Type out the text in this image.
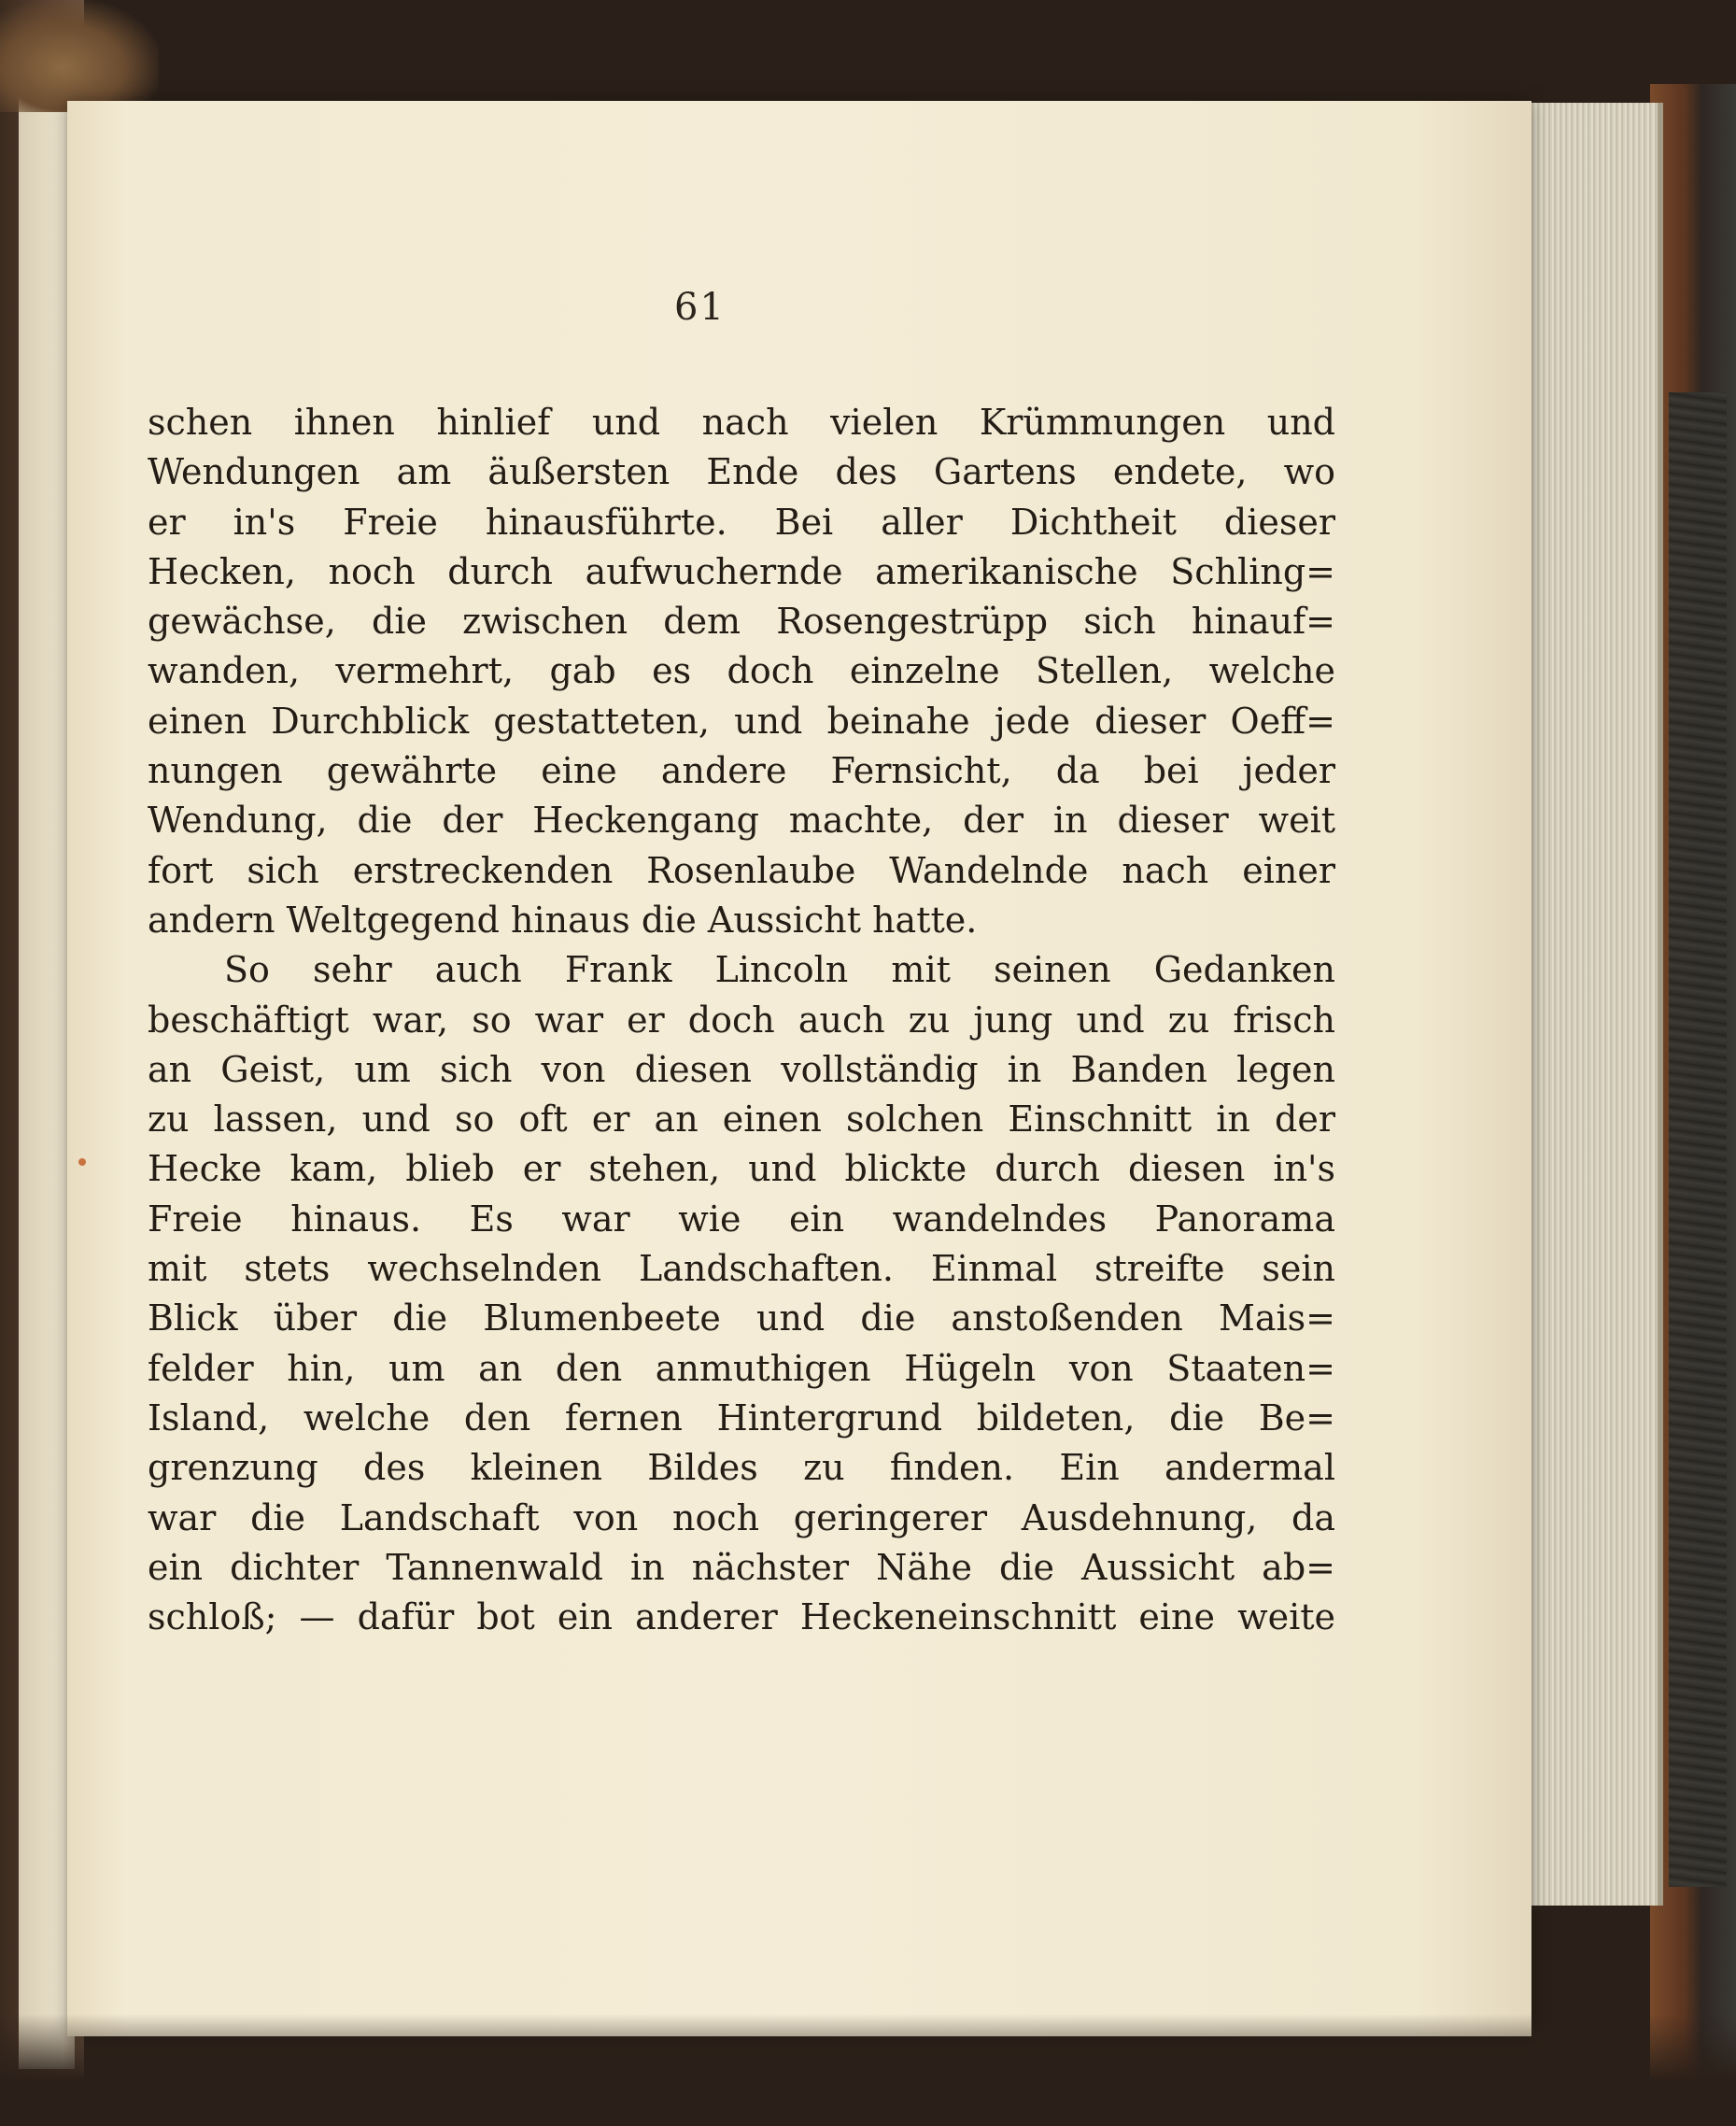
61
schen ihnen hinlief und nach vielen Krümmungen und
Wendungen am äußersten Ende des Gartens endete, wo
er in's Freie hinausführte. Bei aller Dichtheit dieser
Hecken, noch durch aufwuchernde amerikanische Schling=
gewächse, die zwischen dem Rosengestrüpp sich hinauf=
wanden, vermehrt, gab es doch einzelne Stellen, welche
einen Durchblick gestatteten, und beinahe jede dieser Oeff=
nungen gewährte eine andere Fernsicht, da bei jeder
Wendung, die der Heckengang machte, der in dieser weit
fort sich erstreckenden Rosenlaube Wandelnde nach einer
andern Weltgegend hinaus die Aussicht hatte.
So sehr auch Frank Lincoln mit seinen Gedanken
beschäftigt war, so war er doch auch zu jung und zu frisch
an Geist, um sich von diesen vollständig in Banden legen
zu lassen, und so oft er an einen solchen Einschnitt in der
Hecke kam, blieb er stehen, und blickte durch diesen in's
Freie hinaus. Es war wie ein wandelndes Panorama
mit stets wechselnden Landschaften. Einmal streifte sein
Blick über die Blumenbeete und die anstoßenden Mais=
felder hin, um an den anmuthigen Hügeln von Staaten=
Island, welche den fernen Hintergrund bildeten, die Be=
grenzung des kleinen Bildes zu finden. Ein andermal
war die Landschaft von noch geringerer Ausdehnung, da
ein dichter Tannenwald in nächster Nähe die Aussicht ab=
schloß; — dafür bot ein anderer Heckeneinschnitt eine weite
